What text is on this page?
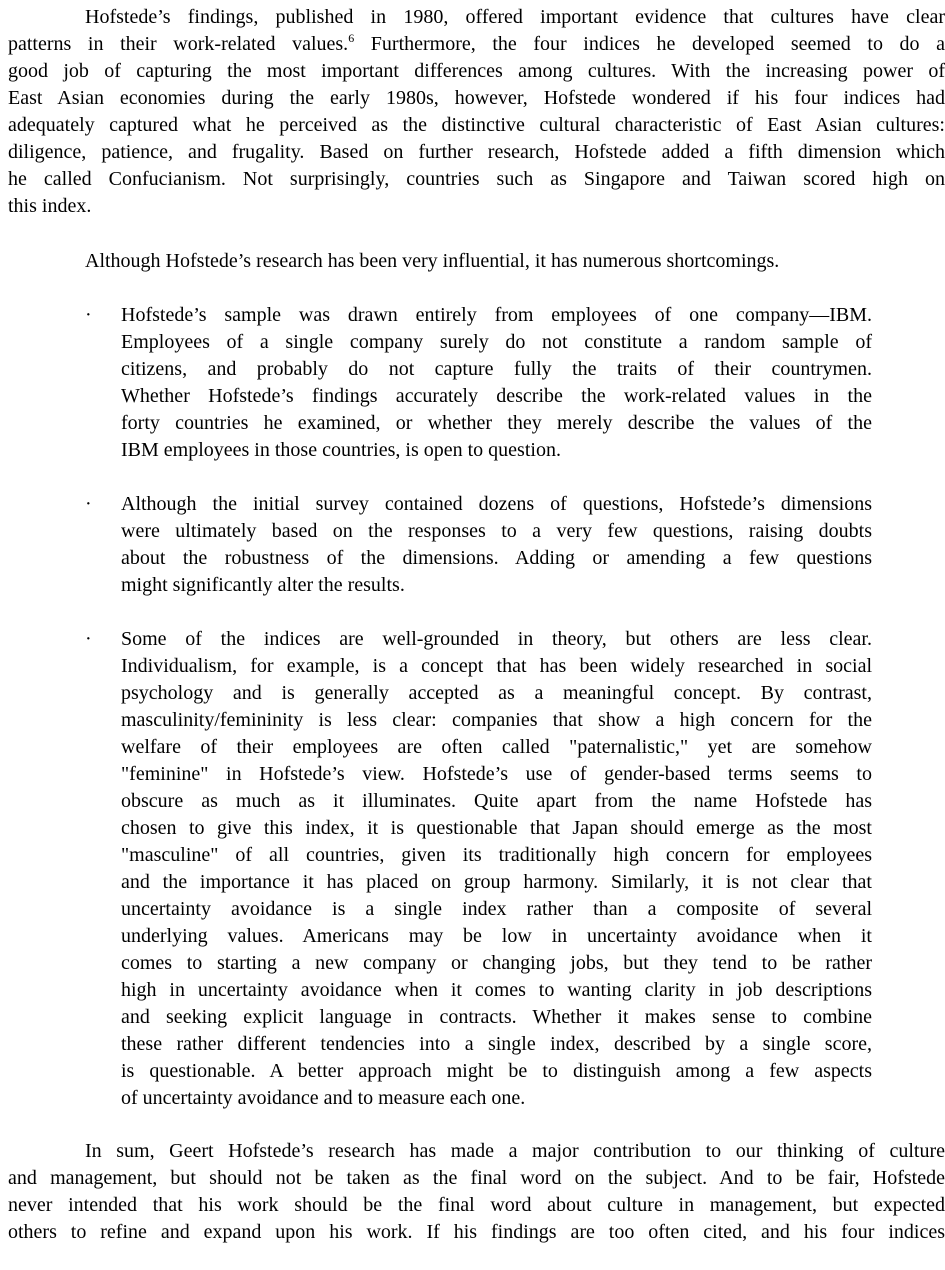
Hofstede’s findings, published in 1980, offered important evidence that cultures have clear
patterns in their work-related values.$^6$ Furthermore, the four indices he developed seemed to do a
good job of capturing the most important differences among cultures. With the increasing power of
East Asian economies during the early 1980s, however, Hofstede wondered if his four indices had
adequately captured what he perceived as the distinctive cultural characteristic of East Asian cultures:
diligence, patience, and frugality. Based on further research, Hofstede added a fifth dimension which
he called Confucianism. Not surprisingly, countries such as Singapore and Taiwan scored high on
this index.
Although Hofstede’s research has been very influential, it has numerous shortcomings.
· Hofstede’s sample was drawn entirely from employees of one company—IBM.
Employees of a single company surely do not constitute a random sample of
citizens, and probably do not capture fully the traits of their countrymen.
Whether Hofstede’s findings accurately describe the work-related values in the
forty countries he examined, or whether they merely describe the values of the
IBM employees in those countries, is open to question.
· Although the initial survey contained dozens of questions, Hofstede’s dimensions
were ultimately based on the responses to a very few questions, raising doubts
about the robustness of the dimensions. Adding or amending a few questions
might significantly alter the results.
· Some of the indices are well-grounded in theory, but others are less clear.
Individualism, for example, is a concept that has been widely researched in social
psychology and is generally accepted as a meaningful concept. By contrast,
masculinity/femininity is less clear: companies that show a high concern for the
welfare of their employees are often called "paternalistic," yet are somehow
"feminine" in Hofstede’s view. Hofstede’s use of gender-based terms seems to
obscure as much as it illuminates. Quite apart from the name Hofstede has
chosen to give this index, it is questionable that Japan should emerge as the most
"masculine" of all countries, given its traditionally high concern for employees
and the importance it has placed on group harmony. Similarly, it is not clear that
uncertainty avoidance is a single index rather than a composite of several
underlying values. Americans may be low in uncertainty avoidance when it
comes to starting a new company or changing jobs, but they tend to be rather
high in uncertainty avoidance when it comes to wanting clarity in job descriptions
and seeking explicit language in contracts. Whether it makes sense to combine
these rather different tendencies into a single index, described by a single score,
is questionable. A better approach might be to distinguish among a few aspects
of uncertainty avoidance and to measure each one.
In sum, Geert Hofstede’s research has made a major contribution to our thinking of culture
and management, but should not be taken as the final word on the subject. And to be fair, Hofstede
never intended that his work should be the final word about culture in management, but expected
others to refine and expand upon his work. If his findings are too often cited, and his four indices
